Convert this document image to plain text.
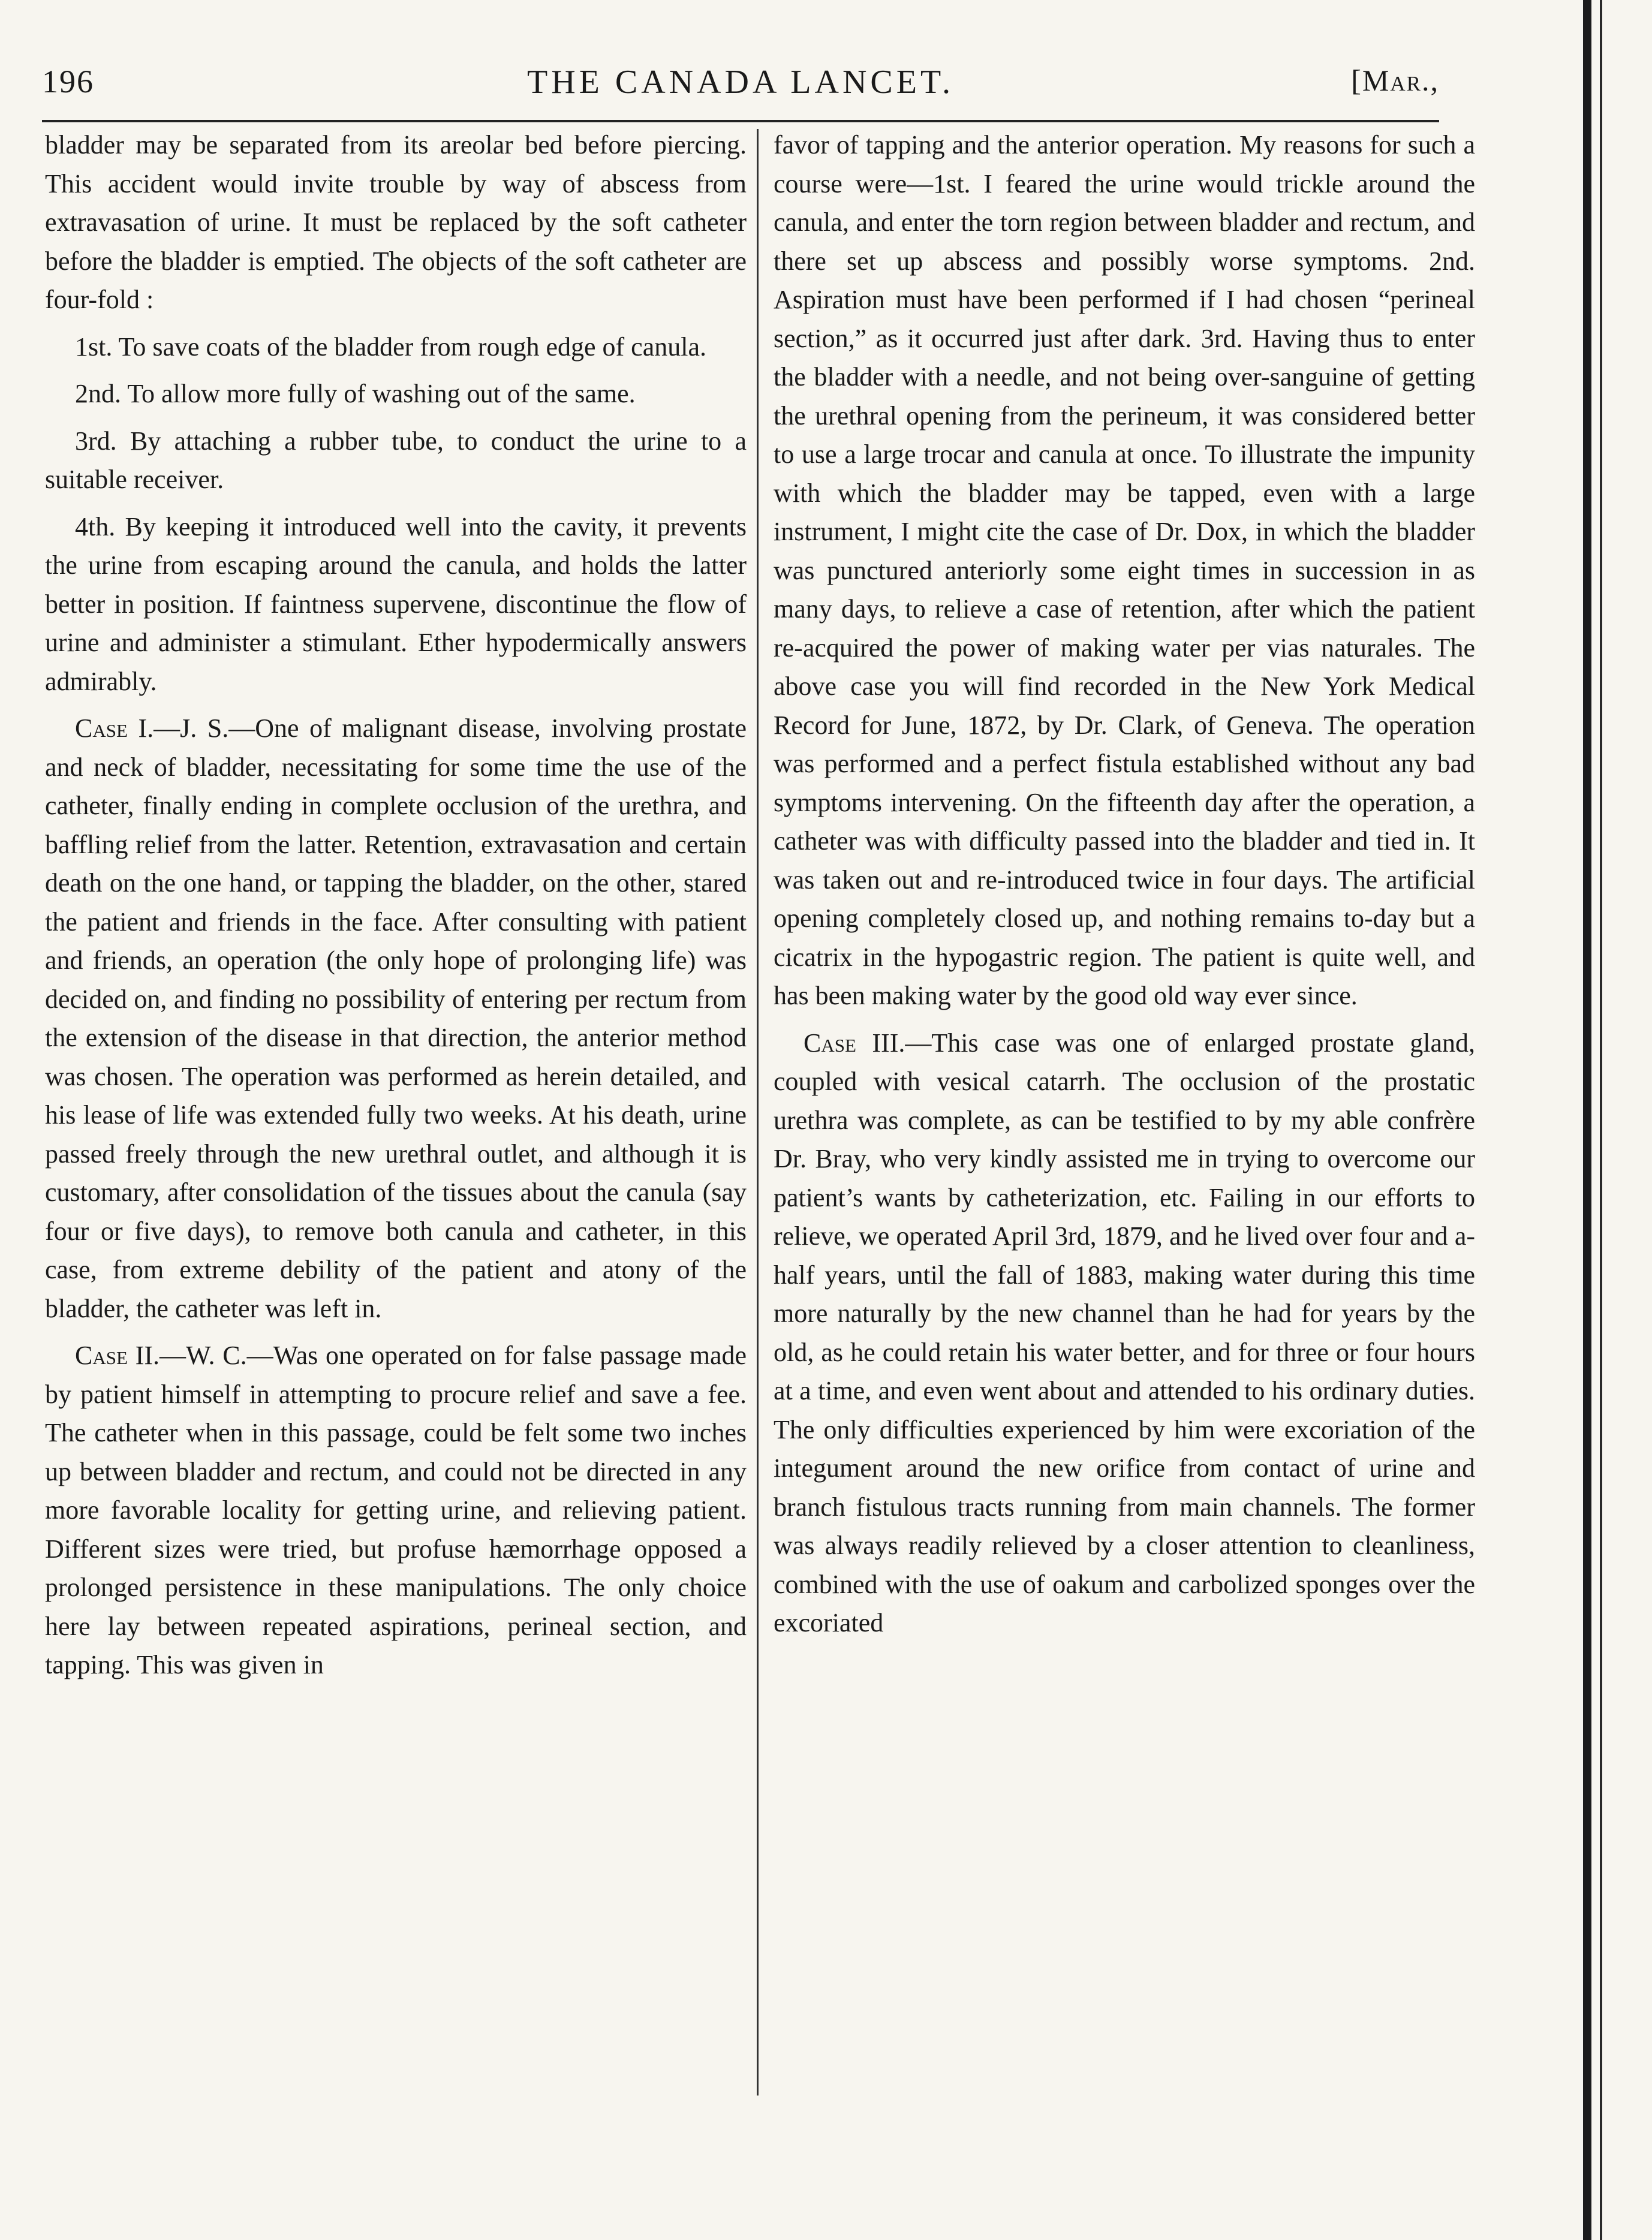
196	THE CANADA LANCET.	[Mar.,

bladder may be separated from its areolar bed before piercing. This accident would invite trouble by way of abscess from extravasation of urine. It must be replaced by the soft catheter before the bladder is emptied. The objects of the soft catheter are four-fold :

1st. To save coats of the bladder from rough edge of canula.

2nd. To allow more fully of washing out of the same.

3rd. By attaching a rubber tube, to conduct the urine to a suitable receiver.

4th. By keeping it introduced well into the cavity, it prevents the urine from escaping around the canula, and holds the latter better in position. If faintness supervene, discontinue the flow of urine and administer a stimulant. Ether hypodermically answers admirably.

Case I.—J. S.—One of malignant disease, involving prostate and neck of bladder, necessitating for some time the use of the catheter, finally ending in complete occlusion of the urethra, and baffling relief from the latter. Retention, extravasation and certain death on the one hand, or tapping the bladder, on the other, stared the patient and friends in the face. After consulting with patient and friends, an operation (the only hope of prolonging life) was decided on, and finding no possibility of entering per rectum from the extension of the disease in that direction, the anterior method was chosen. The operation was performed as herein detailed, and his lease of life was extended fully two weeks. At his death, urine passed freely through the new urethral outlet, and although it is customary, after consolidation of the tissues about the canula (say four or five days), to remove both canula and catheter, in this case, from extreme debility of the patient and atony of the bladder, the catheter was left in.

Case II.—W. C.—Was one operated on for false passage made by patient himself in attempting to procure relief and save a fee. The catheter when in this passage, could be felt some two inches up between bladder and rectum, and could not be directed in any more favorable locality for getting urine, and relieving patient. Different sizes were tried, but profuse hæmorrhage opposed a prolonged persistence in these manipulations. The only choice here lay between repeated aspirations, perineal section, and tapping. This was given in

favor of tapping and the anterior operation. My reasons for such a course were—1st. I feared the urine would trickle around the canula, and enter the torn region between bladder and rectum, and there set up abscess and possibly worse symptoms. 2nd. Aspiration must have been performed if I had chosen “perineal section,” as it occurred just after dark. 3rd. Having thus to enter the bladder with a needle, and not being over-sanguine of getting the urethral opening from the perineum, it was considered better to use a large trocar and canula at once. To illustrate the impunity with which the bladder may be tapped, even with a large instrument, I might cite the case of Dr. Dox, in which the bladder was punctured anteriorly some eight times in succession in as many days, to relieve a case of retention, after which the patient re-acquired the power of making water per vias naturales. The above case you will find recorded in the New York Medical Record for June, 1872, by Dr. Clark, of Geneva. The operation was performed and a perfect fistula established without any bad symptoms intervening. On the fifteenth day after the operation, a catheter was with difficulty passed into the bladder and tied in. It was taken out and re-introduced twice in four days. The artificial opening completely closed up, and nothing remains to-day but a cicatrix in the hypogastric region. The patient is quite well, and has been making water by the good old way ever since.

Case III.—This case was one of enlarged prostate gland, coupled with vesical catarrh. The occlusion of the prostatic urethra was complete, as can be testified to by my able confrère Dr. Bray, who very kindly assisted me in trying to overcome our patient’s wants by catheterization, etc. Failing in our efforts to relieve, we operated April 3rd, 1879, and he lived over four and a-half years, until the fall of 1883, making water during this time more naturally by the new channel than he had for years by the old, as he could retain his water better, and for three or four hours at a time, and even went about and attended to his ordinary duties. The only difficulties experienced by him were excoriation of the integument around the new orifice from contact of urine and branch fistulous tracts running from main channels. The former was always readily relieved by a closer attention to cleanliness, combined with the use of oakum and carbolized sponges over the excoriated
